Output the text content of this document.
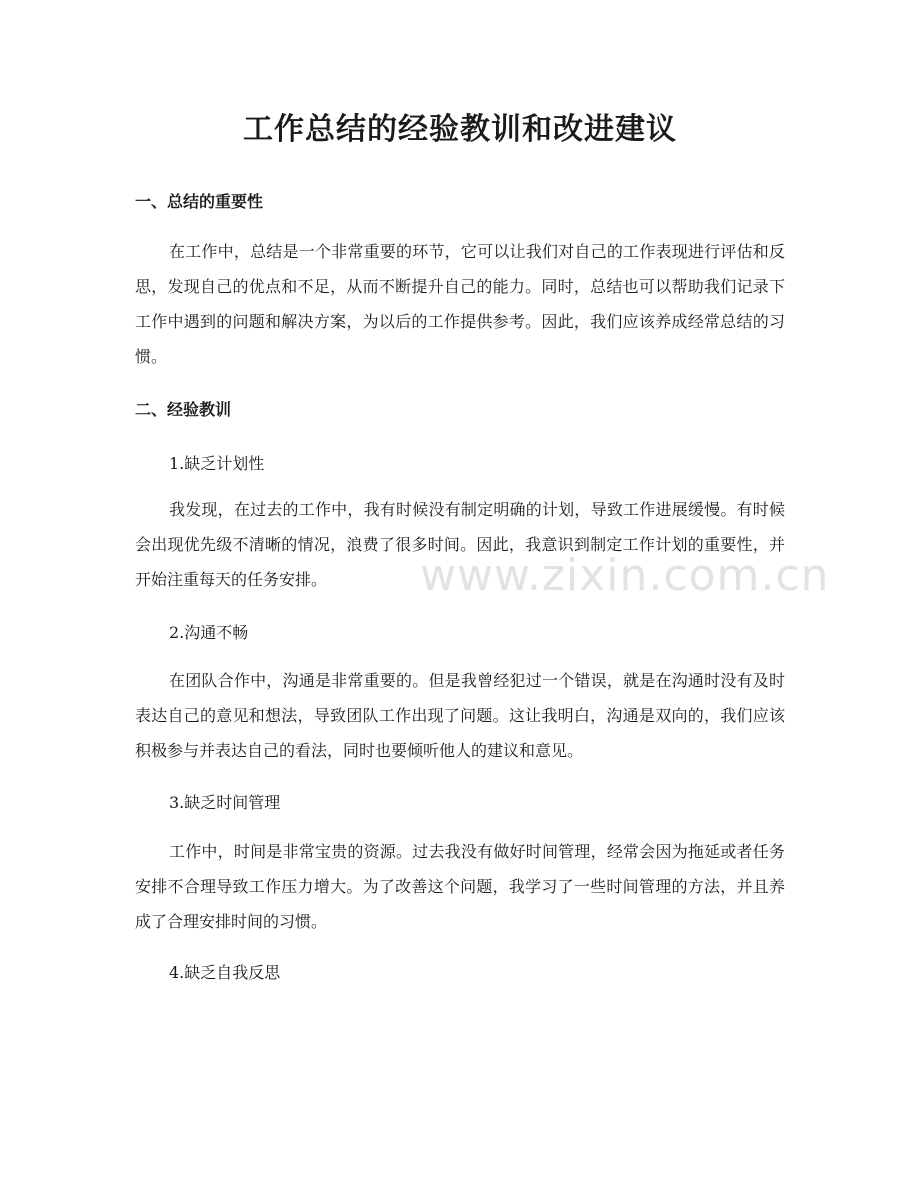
工作总结的经验教训和改进建议
一、总结的重要性

在工作中，总结是一个非常重要的环节，它可以让我们对自己的工作表现进行评估和反思，发现自己的优点和不足，从而不断提升自己的能力。同时，总结也可以帮助我们记录下工作中遇到的问题和解决方案，为以后的工作提供参考。因此，我们应该养成经常总结的习惯。

二、经验教训

1.缺乏计划性

我发现，在过去的工作中，我有时候没有制定明确的计划，导致工作进展缓慢。有时候会出现优先级不清晰的情况，浪费了很多时间。因此，我意识到制定工作计划的重要性，并开始注重每天的任务安排。

2.沟通不畅

在团队合作中，沟通是非常重要的。但是我曾经犯过一个错误，就是在沟通时没有及时表达自己的意见和想法，导致团队工作出现了问题。这让我明白，沟通是双向的，我们应该积极参与并表达自己的看法，同时也要倾听他人的建议和意见。

3.缺乏时间管理

工作中，时间是非常宝贵的资源。过去我没有做好时间管理，经常会因为拖延或者任务安排不合理导致工作压力增大。为了改善这个问题，我学习了一些时间管理的方法，并且养成了合理安排时间的习惯。

4.缺乏自我反思

www.zixin.com.cn
